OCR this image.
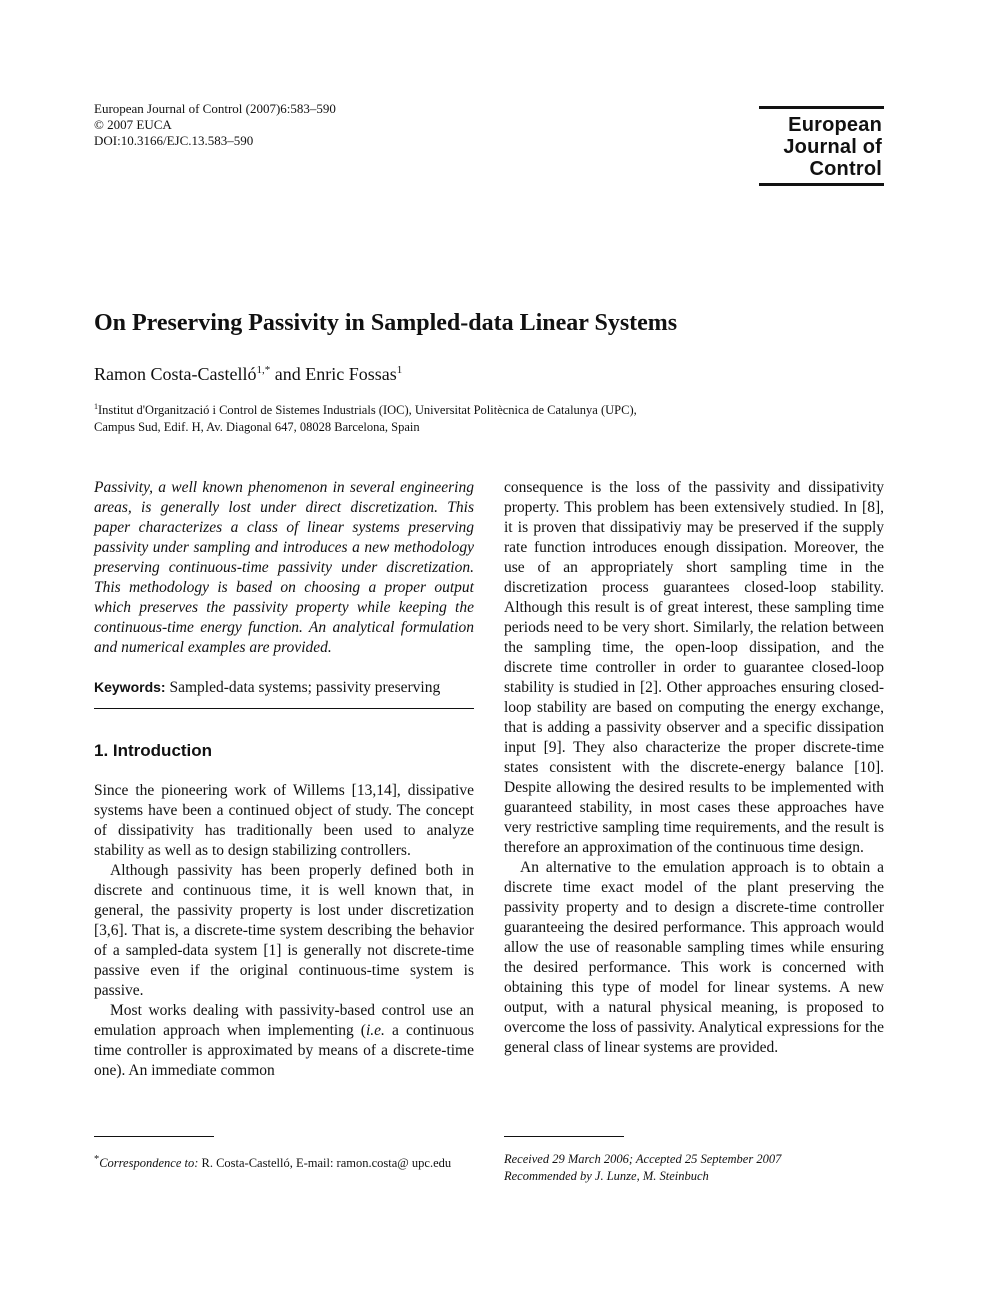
European Journal of Control (2007)6:583–590
© 2007 EUCA
DOI:10.3166/EJC.13.583–590
European
Journal of
Control
On Preserving Passivity in Sampled-data Linear Systems
Ramon Costa-Castelló$^{1,*}$ and Enric Fossas$^1$
$^1$Institut d'Organització i Control de Sistemes Industrials (IOC), Universitat Politècnica de Catalunya (UPC),
Campus Sud, Edif. H, Av. Diagonal 647, 08028 Barcelona, Spain

Passivity, a well known phenomenon in several engineering areas, is generally lost under direct discretization. This paper characterizes a class of linear systems preserving passivity under sampling and introduces a new methodology preserving continuous-time passivity under discretization. This methodology is based on choosing a proper output which preserves the passivity property while keeping the continuous-time energy function. An analytical formulation and numerical examples are provided.

Keywords: Sampled-data systems; passivity preserving

1. Introduction

Since the pioneering work of Willems [13,14], dissipative systems have been a continued object of study. The concept of dissipativity has traditionally been used to analyze stability as well as to design stabilizing controllers.

Although passivity has been properly defined both in discrete and continuous time, it is well known that, in general, the passivity property is lost under discretization [3,6]. That is, a discrete-time system describing the behavior of a sampled-data system [1] is generally not discrete-time passive even if the original continuous-time system is passive.

Most works dealing with passivity-based control use an emulation approach when implementing (i.e. a continuous time controller is approximated by means of a discrete-time one). An immediate common

consequence is the loss of the passivity and dissipativity property. This problem has been extensively studied. In [8], it is proven that dissipativiy may be preserved if the supply rate function introduces enough dissipation. Moreover, the use of an appropriately short sampling time in the discretization process guarantees closed-loop stability. Although this result is of great interest, these sampling time periods need to be very short. Similarly, the relation between the sampling time, the open-loop dissipation, and the discrete time controller in order to guarantee closed-loop stability is studied in [2]. Other approaches ensuring closed-loop stability are based on computing the energy exchange, that is adding a passivity observer and a specific dissipation input [9]. They also characterize the proper discrete-time states consistent with the discrete-energy balance [10]. Despite allowing the desired results to be implemented with guaranteed stability, in most cases these approaches have very restrictive sampling time requirements, and the result is therefore an approximation of the continuous time design.

An alternative to the emulation approach is to obtain a discrete time exact model of the plant preserving the passivity property and to design a discrete-time controller guaranteeing the desired performance. This approach would allow the use of reasonable sampling times while ensuring the desired performance. This work is concerned with obtaining this type of model for linear systems. A new output, with a natural physical meaning, is proposed to overcome the loss of passivity. Analytical expressions for the general class of linear systems are provided.

*Correspondence to: R. Costa-Castelló, E-mail: ramon.costa@ upc.edu	Received 29 March 2006; Accepted 25 September 2007
Recommended by J. Lunze, M. Steinbuch
